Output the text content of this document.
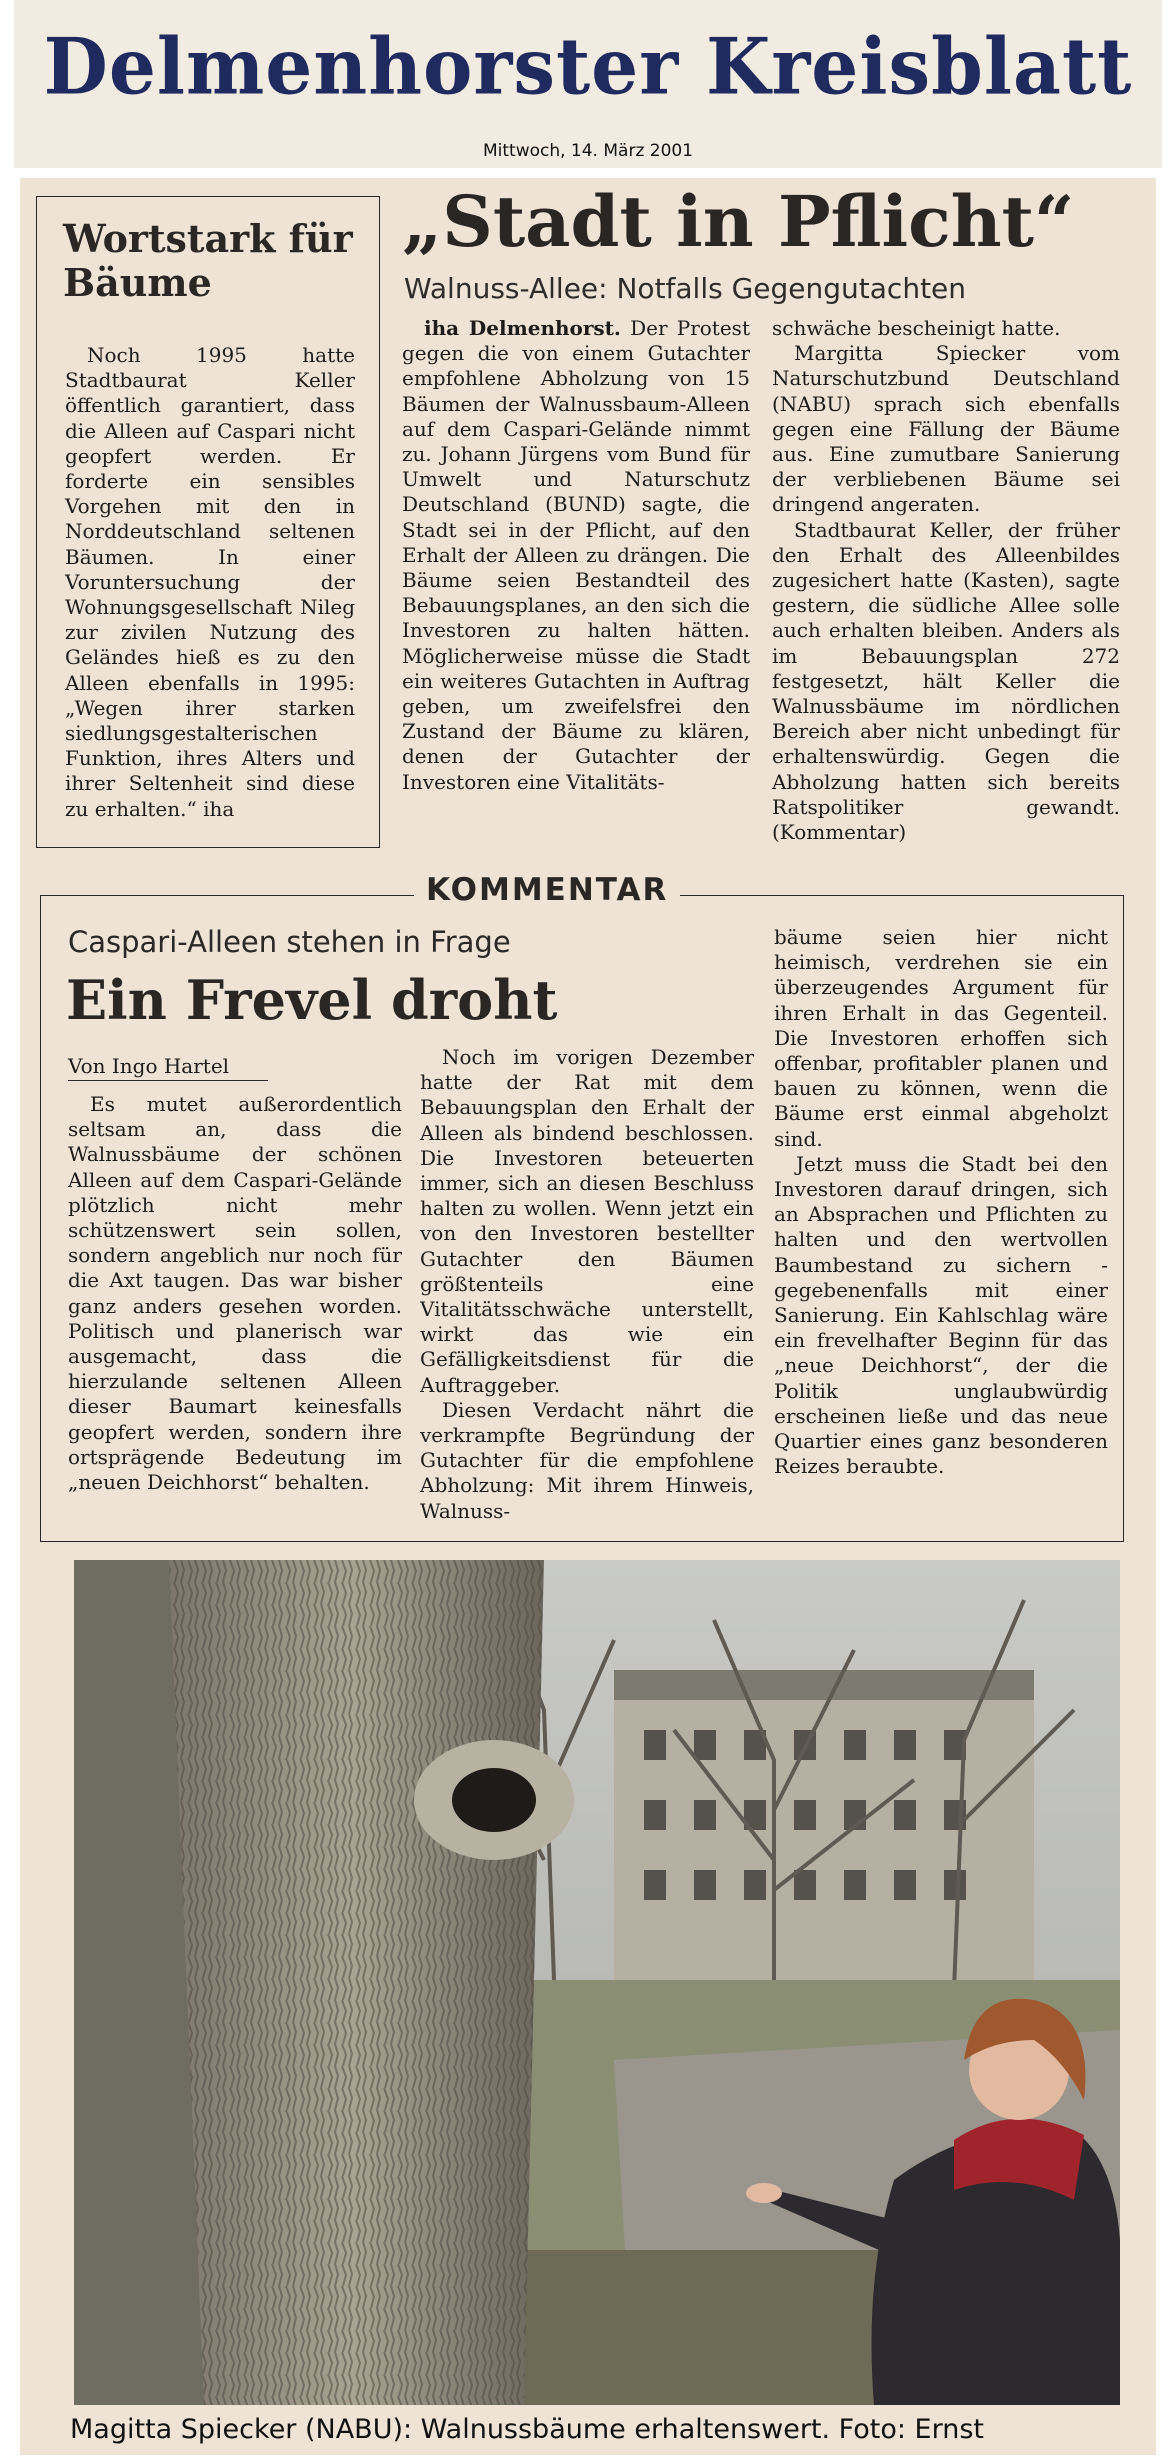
Delmenhorster Kreisblatt
Mittwoch, 14. März 2001
Wortstark für Bäume

Noch 1995 hatte Stadtbaurat Keller öffentlich garantiert, dass die Alleen auf Caspari nicht geopfert werden. Er forderte ein sensibles Vorgehen mit den in Norddeutschland seltenen Bäumen. In einer Voruntersuchung der Wohnungsgesellschaft Nileg zur zivilen Nutzung des Geländes hieß es zu den Alleen ebenfalls in 1995: „Wegen ihrer starken siedlungsgestalterischen Funktion, ihres Alters und ihrer Seltenheit sind diese zu erhalten.“ iha

„Stadt in Pflicht“
Walnuss-Allee: Notfalls Gegengutachten

iha Delmenhorst. Der Protest gegen die von einem Gutachter empfohlene Abholzung von 15 Bäumen der Walnussbaum-Alleen auf dem Caspari-Gelände nimmt zu. Johann Jürgens vom Bund für Umwelt und Naturschutz Deutschland (BUND) sagte, die Stadt sei in der Pflicht, auf den Erhalt der Alleen zu drängen. Die Bäume seien Bestandteil des Bebauungsplanes, an den sich die Investoren zu halten hätten. Möglicherweise müsse die Stadt ein weiteres Gutachten in Auftrag geben, um zweifelsfrei den Zustand der Bäume zu klären, denen der Gutachter der Investoren eine Vitalitäts-

schwäche bescheinigt hatte.

Margitta Spiecker vom Naturschutzbund Deutschland (NABU) sprach sich ebenfalls gegen eine Fällung der Bäume aus. Eine zumutbare Sanierung der verbliebenen Bäume sei dringend angeraten.

Stadtbaurat Keller, der früher den Erhalt des Alleenbildes zugesichert hatte (Kasten), sagte gestern, die südliche Allee solle auch erhalten bleiben. Anders als im Bebauungsplan 272 festgesetzt, hält Keller die Walnussbäume im nördlichen Bereich aber nicht unbedingt für erhaltenswürdig. Gegen die Abholzung hatten sich bereits Ratspolitiker gewandt. (Kommentar)

KOMMENTAR
Caspari-Alleen stehen in Frage
Ein Frevel droht
Von Ingo Hartel

Es mutet außerordentlich seltsam an, dass die Walnussbäume der schönen Alleen auf dem Caspari-Gelände plötzlich nicht mehr schützenswert sein sollen, sondern angeblich nur noch für die Axt taugen. Das war bisher ganz anders gesehen worden. Politisch und planerisch war ausgemacht, dass die hierzulande seltenen Alleen dieser Baumart keinesfalls geopfert werden, sondern ihre ortsprägende Bedeutung im „neuen Deichhorst“ behalten.

Noch im vorigen Dezember hatte der Rat mit dem Bebauungsplan den Erhalt der Alleen als bindend beschlossen. Die Investoren beteuerten immer, sich an diesen Beschluss halten zu wollen. Wenn jetzt ein von den Investoren bestellter Gutachter den Bäumen größtenteils eine Vitalitätsschwäche unterstellt, wirkt das wie ein Gefälligkeitsdienst für die Auftraggeber.

Diesen Verdacht nährt die verkrampfte Begründung der Gutachter für die empfohlene Abholzung: Mit ihrem Hinweis, Walnuss-

bäume seien hier nicht heimisch, verdrehen sie ein überzeugendes Argument für ihren Erhalt in das Gegenteil. Die Investoren erhoffen sich offenbar, profitabler planen und bauen zu können, wenn die Bäume erst einmal abgeholzt sind.

Jetzt muss die Stadt bei den Investoren darauf dringen, sich an Absprachen und Pflichten zu halten und den wertvollen Baumbestand zu sichern - gegebenenfalls mit einer Sanierung. Ein Kahlschlag wäre ein frevelhafter Beginn für das „neue Deichhorst“, der die Politik unglaubwürdig erscheinen ließe und das neue Quartier eines ganz besonderen Reizes beraubte.

Magitta Spiecker (NABU): Walnussbäume erhaltenswert. Foto: Ernst
